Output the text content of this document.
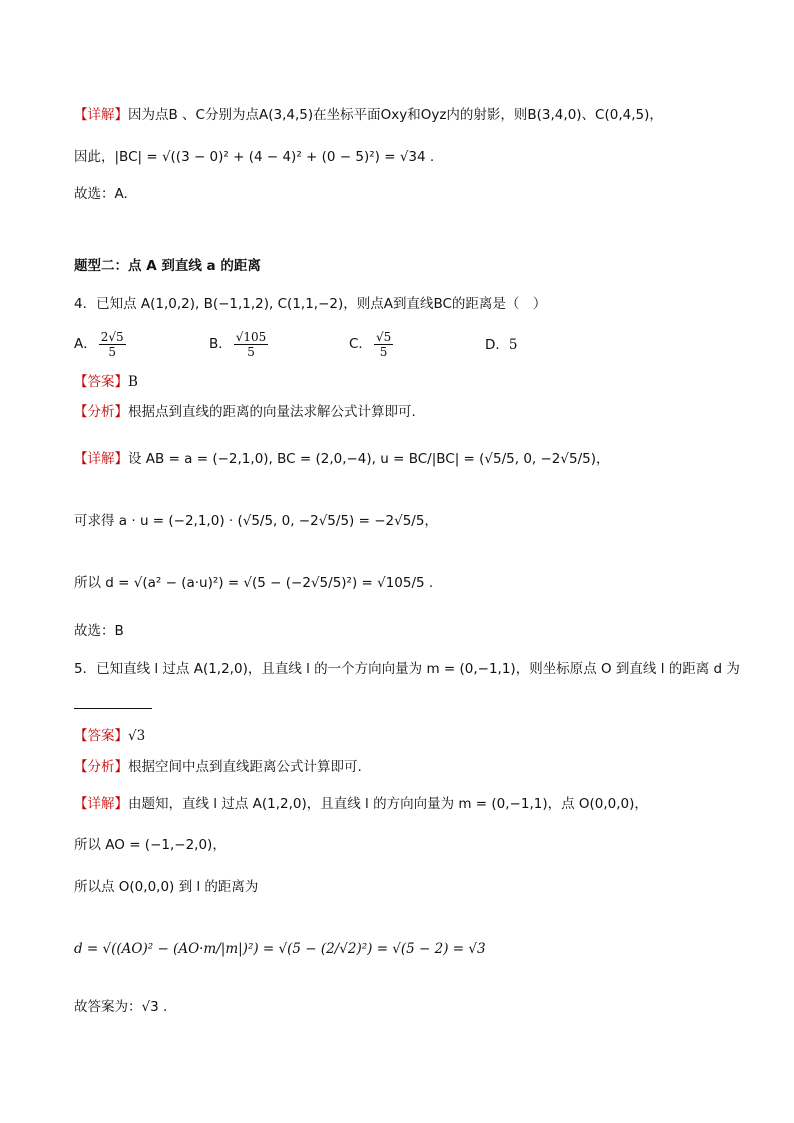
【详解】因为点B 、C分别为点A(3,4,5)在坐标平面Oxy和Oyz内的射影，则B(3,4,0)、C(0,4,5)，
因此，|BC| = √((3 − 0)² + (4 − 4)² + (0 − 5)²) = √34 .
故选：A.
题型二：点 A 到直线 a 的距离
4．已知点 A(1,0,2), B(−1,1,2), C(1,1,−2)，则点A到直线BC的距离是（　）
A． $\frac{2√5}{5}$	B． $\frac{√105}{5}$	C． $\frac{√5}{5}$	D．5
【答案】B
【分析】根据点到直线的距离的向量法求解公式计算即可.
【详解】设 AB = a = (−2,1,0), BC = (2,0,−4), u = BC/|BC| = (√5/5, 0, −2√5/5)，
可求得 a · u = (−2,1,0) · (√5/5, 0, −2√5/5) = −2√5/5，
所以 d = √(a² − (a·u)²) = √(5 − (−2√5/5)²) = √105/5 .
故选：B
5．已知直线 l 过点 A(1,2,0)，且直线 l 的一个方向向量为 m = (0,−1,1)，则坐标原点 O 到直线 l 的距离 d 为
【答案】√3
【分析】根据空间中点到直线距离公式计算即可.
【详解】由题知，直线 l 过点 A(1,2,0)，且直线 l 的方向向量为 m = (0,−1,1)，点 O(0,0,0)，
所以 AO = (−1,−2,0)，
所以点 O(0,0,0) 到 l 的距离为
d = √((AO)² − (AO·m/|m|)²) = √(5 − (2/√2)²) = √(5 − 2) = √3
故答案为：√3 .
